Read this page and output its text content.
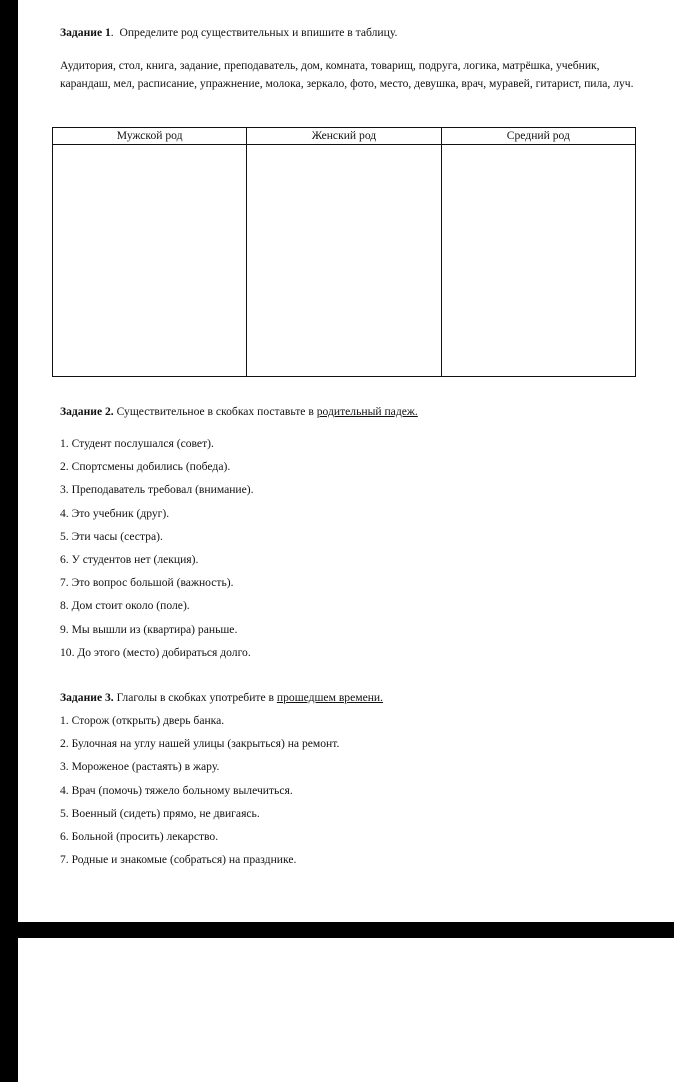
Задание 1.  Определите род существительных и впишите в таблицу.
Аудитория, стол, книга, задание, преподаватель, дом, комната, товарищ, подруга, логика, матрёшка, учебник, карандаш, мел, расписание, упражнение, молока, зеркало, фото, место, девушка, врач, муравей, гитарист, пила, луч.
Мужской род	Женский род	Средний род

Задание 2. Существительное в скобках поставьте в родительный падеж.
1. Студент послушался (совет).
2. Спортсмены добились (победа).
3. Преподаватель требовал (внимание).
4. Это учебник (друг).
5. Эти часы (сестра).
6. У студентов нет (лекция).
7. Это вопрос большой (важность).
8. Дом стоит около (поле).
9. Мы вышли из (квартира) раньше.
10. До этого (место) добираться долго.
Задание 3. Глаголы в скобках употребите в прошедшем времени.
1. Сторож (открыть) дверь банка.
2. Булочная на углу нашей улицы (закрыться) на ремонт.
3. Мороженое (растаять) в жару.
4. Врач (помочь) тяжело больному вылечиться.
5. Военный (сидеть) прямо, не двигаясь.
6. Больной (просить) лекарство.
7. Родные и знакомые (собраться) на празднике.
